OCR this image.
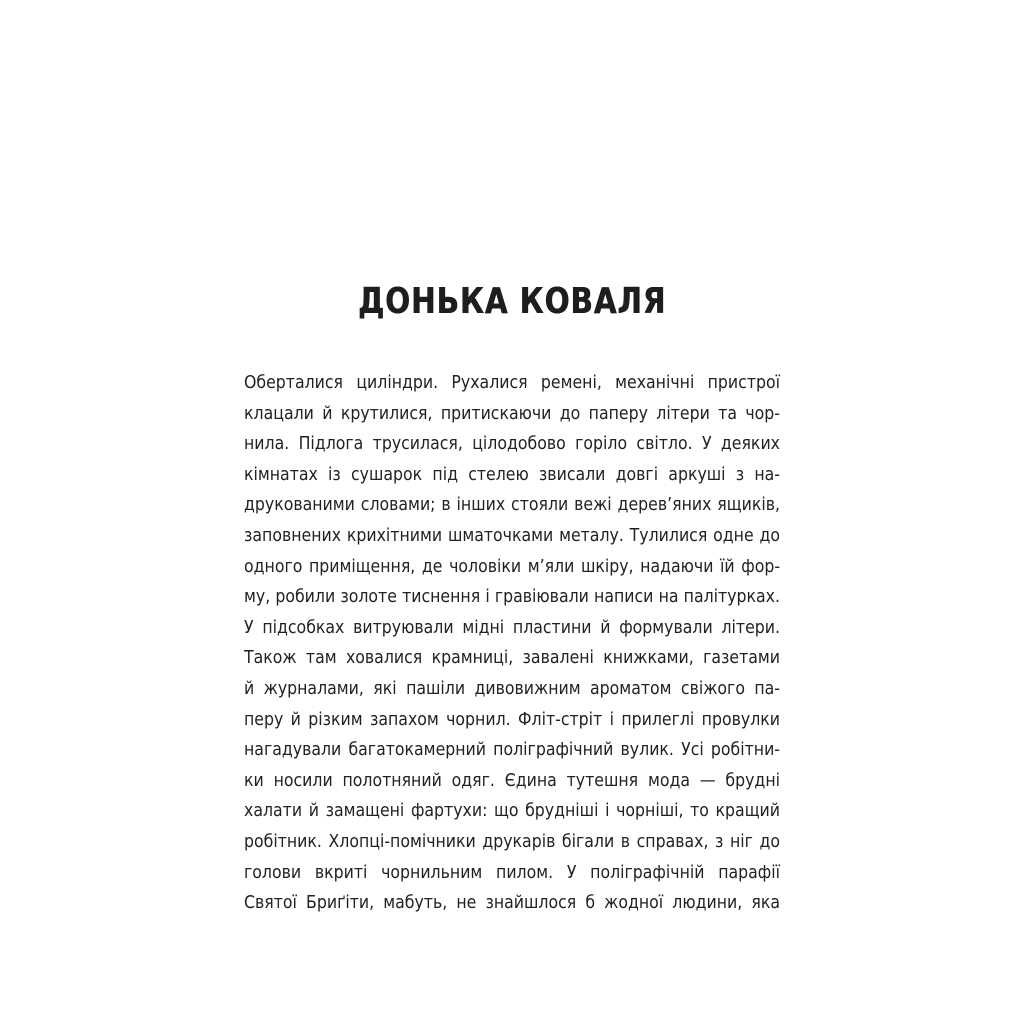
ДОНЬКА КОВАЛЯ
Оберталися циліндри. Рухалися ремені, механічні пристрої
клацали й крутилися, притискаючи до паперу літери та чор-
нила. Підлога трусилася, цілодобово горіло світло. У деяких
кімнатах із сушарок під стелею звисали довгі аркуші з на-
друкованими словами; в інших стояли вежі дерев’яних ящиків,
заповнених крихітними шматочками металу. Тулилися одне до
одного приміщення, де чоловіки м’яли шкіру, надаючи їй фор-
му, робили золоте тиснення і гравіювали написи на палітурках.
У підсобках витруювали мідні пластини й формували літери.
Також там ховалися крамниці, завалені книжками, газетами
й журналами, які пашіли дивовижним ароматом свіжого па-
перу й різким запахом чорнил. Фліт-стріт і прилеглі провулки
нагадували багатокамерний поліграфічний вулик. Усі робітни-
ки носили полотняний одяг. Єдина тутешня мода — брудні
халати й замащені фартухи: що брудніші і чорніші, то кращий
робітник. Хлопці-помічники друкарів бігали в справах, з ніг до
голови вкриті чорнильним пилом. У поліграфічній парафії
Святої Бриґіти, мабуть, не знайшлося б жодної людини, яка
